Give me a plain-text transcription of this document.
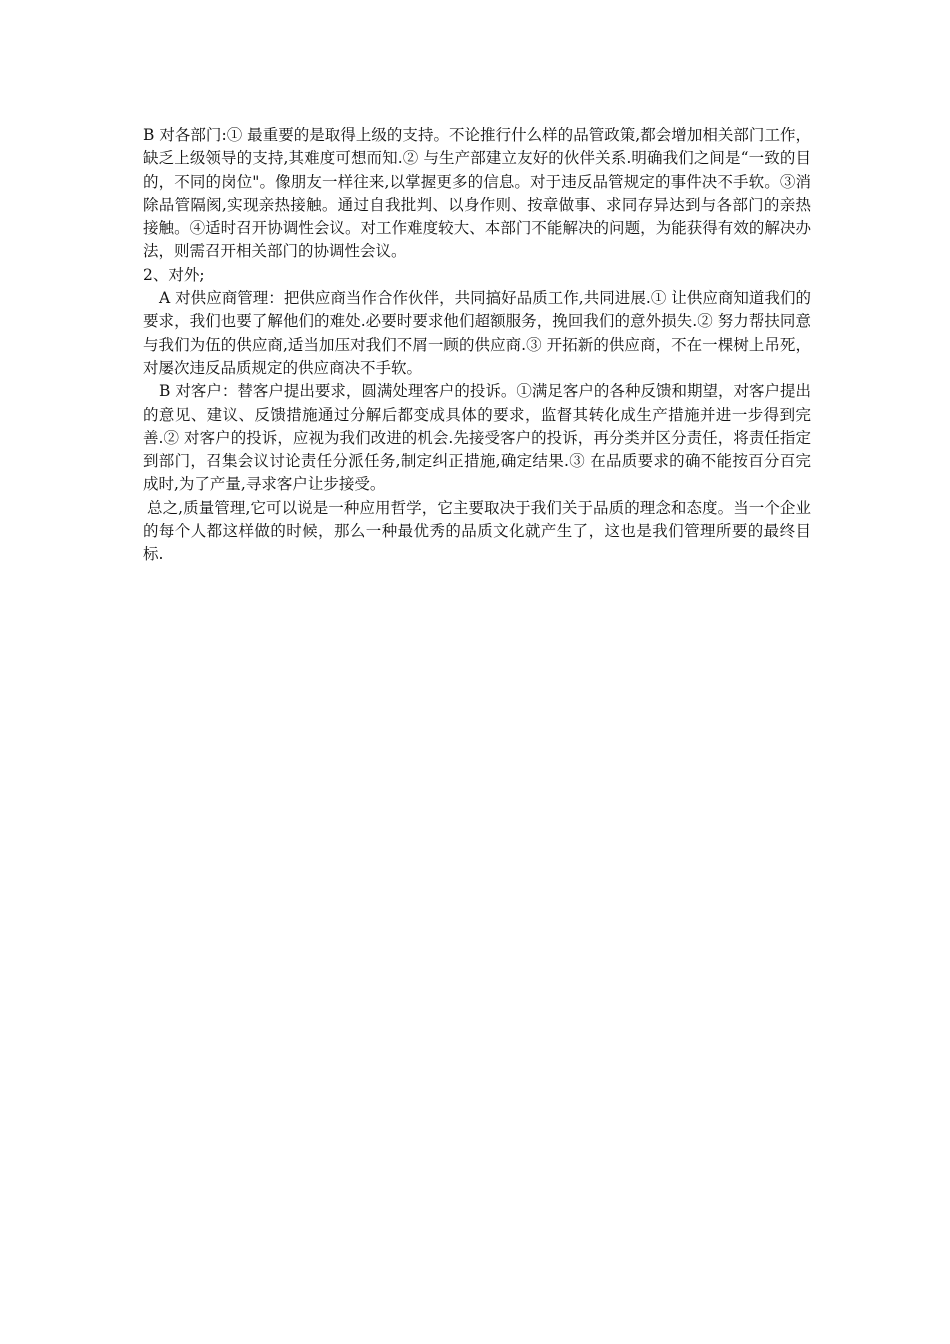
B 对各部门:① 最重要的是取得上级的支持。不论推行什么样的品管政策,都会增加相关部门工作，缺乏上级领导的支持,其难度可想而知.② 与生产部建立友好的伙伴关系.明确我们之间是“一致的目的，不同的岗位"。像朋友一样往来,以掌握更多的信息。对于违反品管规定的事件决不手软。③消除品管隔阂,实现亲热接触。通过自我批判、以身作则、按章做事、求同存异达到与各部门的亲热接触。④适时召开协调性会议。对工作难度较大、本部门不能解决的问题，为能获得有效的解决办法，则需召开相关部门的协调性会议。

2、对外;

A 对供应商管理：把供应商当作合作伙伴，共同搞好品质工作,共同进展.① 让供应商知道我们的要求，我们也要了解他们的难处.必要时要求他们超额服务，挽回我们的意外损失.② 努力帮扶同意与我们为伍的供应商,适当加压对我们不屑一顾的供应商.③ 开拓新的供应商，不在一棵树上吊死，对屡次违反品质规定的供应商决不手软。

B 对客户：替客户提出要求，圆满处理客户的投诉。①满足客户的各种反馈和期望，对客户提出的意见、建议、反馈措施通过分解后都变成具体的要求，监督其转化成生产措施并进一步得到完善.② 对客户的投诉，应视为我们改进的机会.先接受客户的投诉，再分类并区分责任，将责任指定到部门，召集会议讨论责任分派任务,制定纠正措施,确定结果.③ 在品质要求的确不能按百分百完成时,为了产量,寻求客户让步接受。

总之,质量管理,它可以说是一种应用哲学，它主要取决于我们关于品质的理念和态度。当一个企业的每个人都这样做的时候，那么一种最优秀的品质文化就产生了，这也是我们管理所要的最终目标.
